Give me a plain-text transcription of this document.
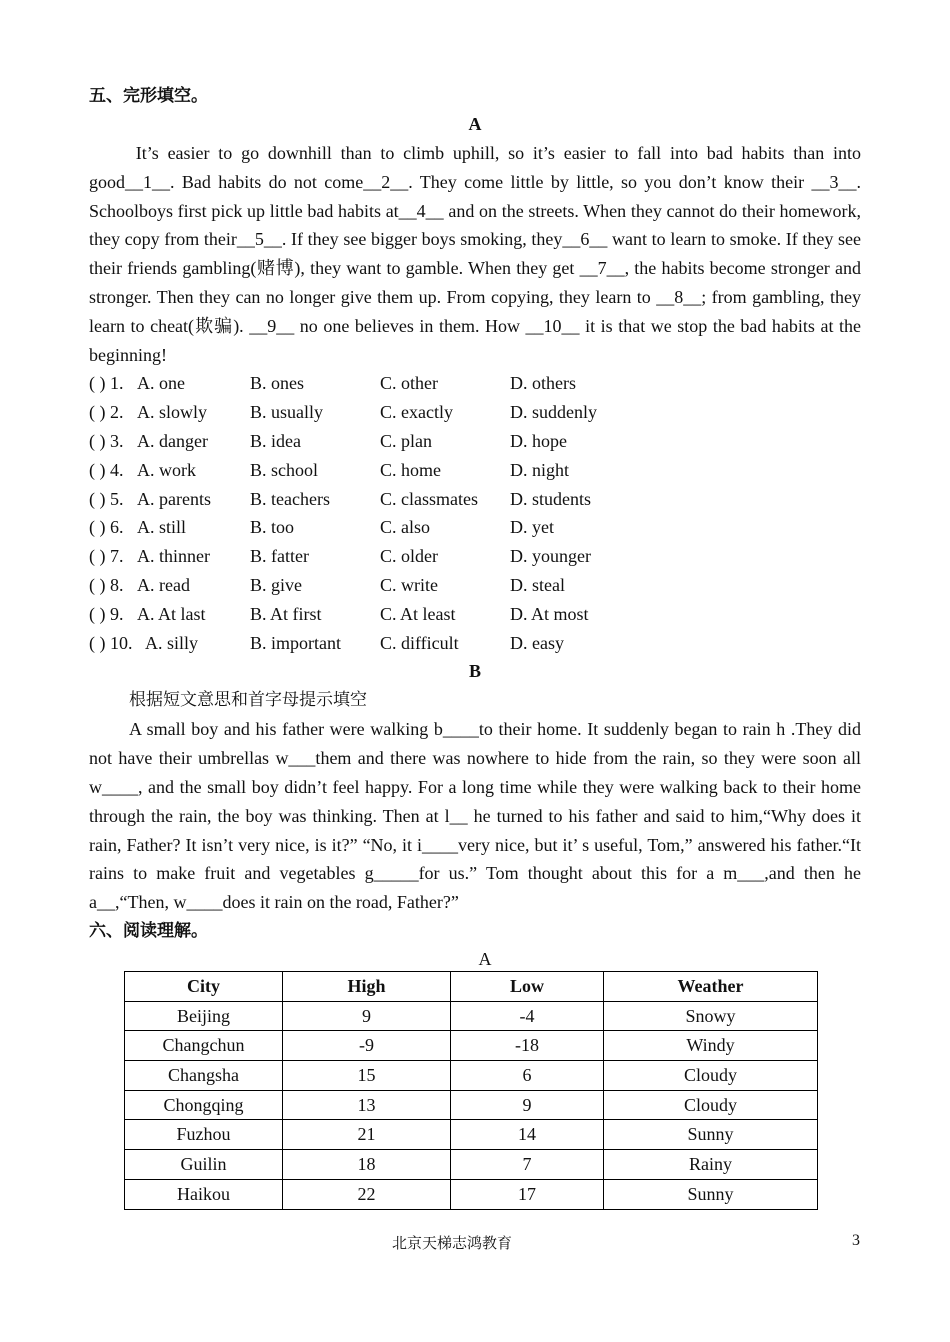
五、完形填空。
A

It’s easier to go downhill than to climb uphill, so it’s easier to fall into bad habits than into good__1__. Bad habits do not come__2__. They come little by little, so you don’t know their __3__. Schoolboys first pick up little bad habits at__4__ and on the streets. When they cannot do their homework, they copy from their__5__. If they see bigger boys smoking, they__6__ want to learn to smoke. If they see their friends gambling(赌博), they want to gamble. When they get __7__, the habits become stronger and stronger. Then they can no longer give them up. From copying, they learn to __8__; from gambling, they learn to cheat(欺骗). __9__ no one believes in them. How __10__ it is that we stop the bad habits at the beginning!

( ) 1. A. one	B. ones	C. other	D. others
( ) 2. A. slowly	B. usually	C. exactly	D. suddenly
( ) 3. A. danger	B. idea	C. plan	D. hope
( ) 4. A. work	B. school	C. home	D. night
( ) 5. A. parents	B. teachers	C. classmates	D. students
( ) 6. A. still	B. too	C. also	D. yet
( ) 7. A. thinner	B. fatter	C. older	D. younger
( ) 8. A. read	B. give	C. write	D. steal
( ) 9. A. At last	B. At first	C. At least	D. At most
( ) 10. A. silly	B. important	C. difficult	D. easy
B
根据短文意思和首字母提示填空

A small boy and his father were walking b____to their home. It suddenly began to rain h .They did not have their umbrellas w___them and there was nowhere to hide from the rain, so they were soon all w____, and the small boy didn’t feel happy. For a long time while they were walking back to their home through the rain, the boy was thinking. Then at l__ he turned to his father and said to him,“Why does it rain, Father? It isn’t very nice, is it?” “No, it i____very nice, but it’ s useful, Tom,” answered his father.“It rains to make fruit and vegetables g_____for us.” Tom thought about this for a m___,and then he a__,“Then, w____does it rain on the road, Father?”

六、阅读理解。
A
City	High	Low	Weather
Beijing	9	-4	Snowy
Changchun	-9	-18	Windy
Changsha	15	6	Cloudy
Chongqing	13	9	Cloudy
Fuzhou	21	14	Sunny
Guilin	18	7	Rainy
Haikou	22	17	Sunny
北京天梯志鸿教育	3
